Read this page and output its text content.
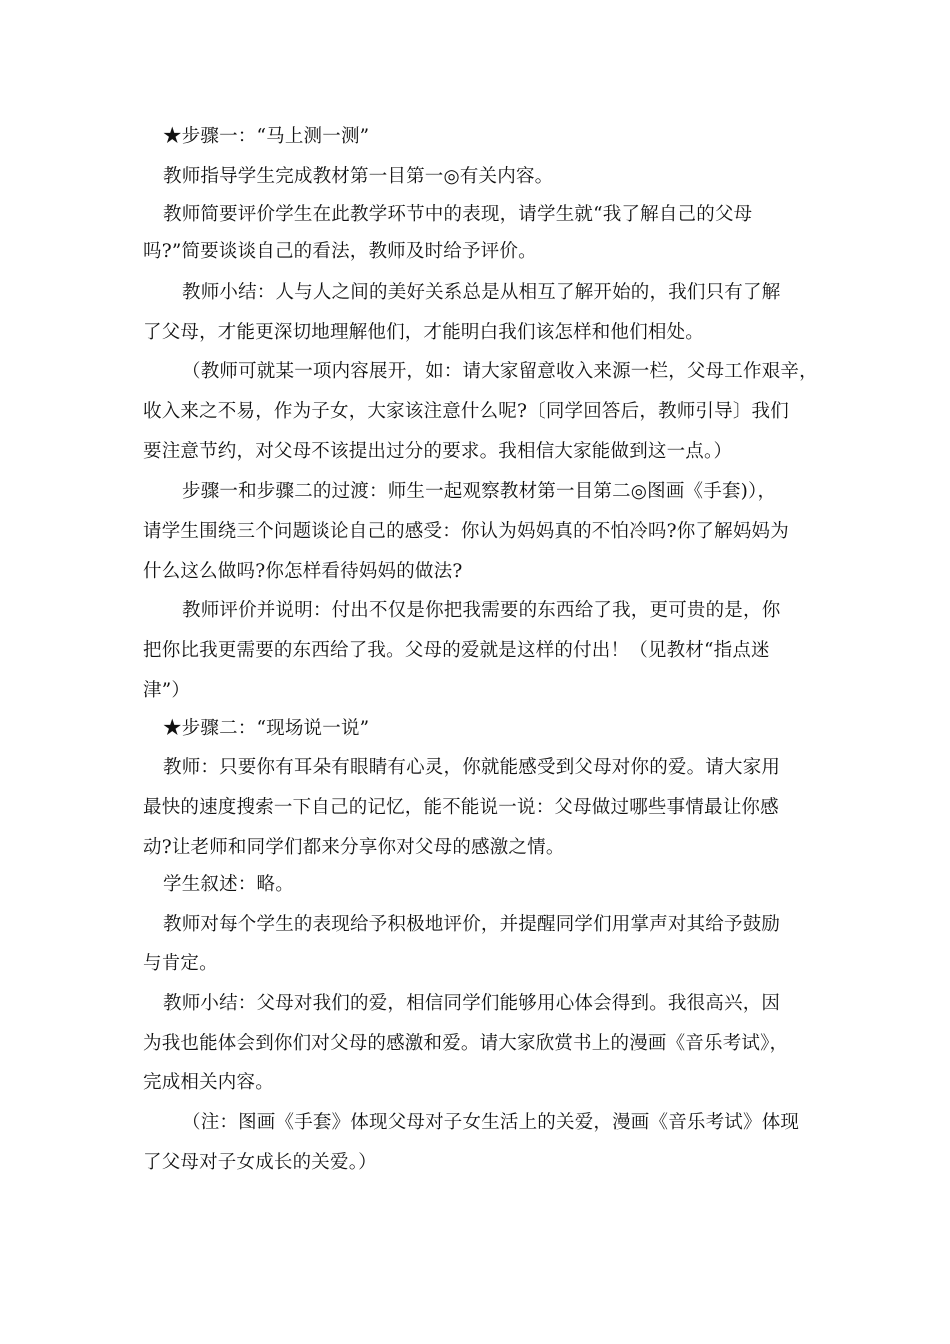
★步骤一：“马上测一测”
教师指导学生完成教材第一目第一◎有关内容。
教师简要评价学生在此教学环节中的表现，请学生就“我了解自己的父母
吗?”简要谈谈自己的看法，教师及时给予评价。
教师小结：人与人之间的美好关系总是从相互了解开始的，我们只有了解
了父母，才能更深切地理解他们，才能明白我们该怎样和他们相处。
（教师可就某一项内容展开，如：请大家留意收入来源一栏，父母工作艰辛，
收入来之不易，作为子女，大家该注意什么呢?〔同学回答后，教师引导〕我们
要注意节约，对父母不该提出过分的要求。我相信大家能做到这一点。）
步骤一和步骤二的过渡：师生一起观察教材第一目第二◎图画《手套)），
请学生围绕三个问题谈论自己的感受：你认为妈妈真的不怕冷吗?你了解妈妈为
什么这么做吗?你怎样看待妈妈的做法?
教师评价并说明：付出不仅是你把我需要的东西给了我，更可贵的是，你
把你比我更需要的东西给了我。父母的爱就是这样的付出！（见教材“指点迷
津”）
★步骤二：“现场说一说”
教师：只要你有耳朵有眼睛有心灵，你就能感受到父母对你的爱。请大家用
最快的速度搜索一下自己的记忆，能不能说一说：父母做过哪些事情最让你感
动?让老师和同学们都来分享你对父母的感激之情。
学生叙述：略。
教师对每个学生的表现给予积极地评价，并提醒同学们用掌声对其给予鼓励
与肯定。
教师小结：父母对我们的爱，相信同学们能够用心体会得到。我很高兴，因
为我也能体会到你们对父母的感激和爱。请大家欣赏书上的漫画《音乐考试》，
完成相关内容。
（注：图画《手套》体现父母对子女生活上的关爱，漫画《音乐考试》体现
了父母对子女成长的关爱。）
